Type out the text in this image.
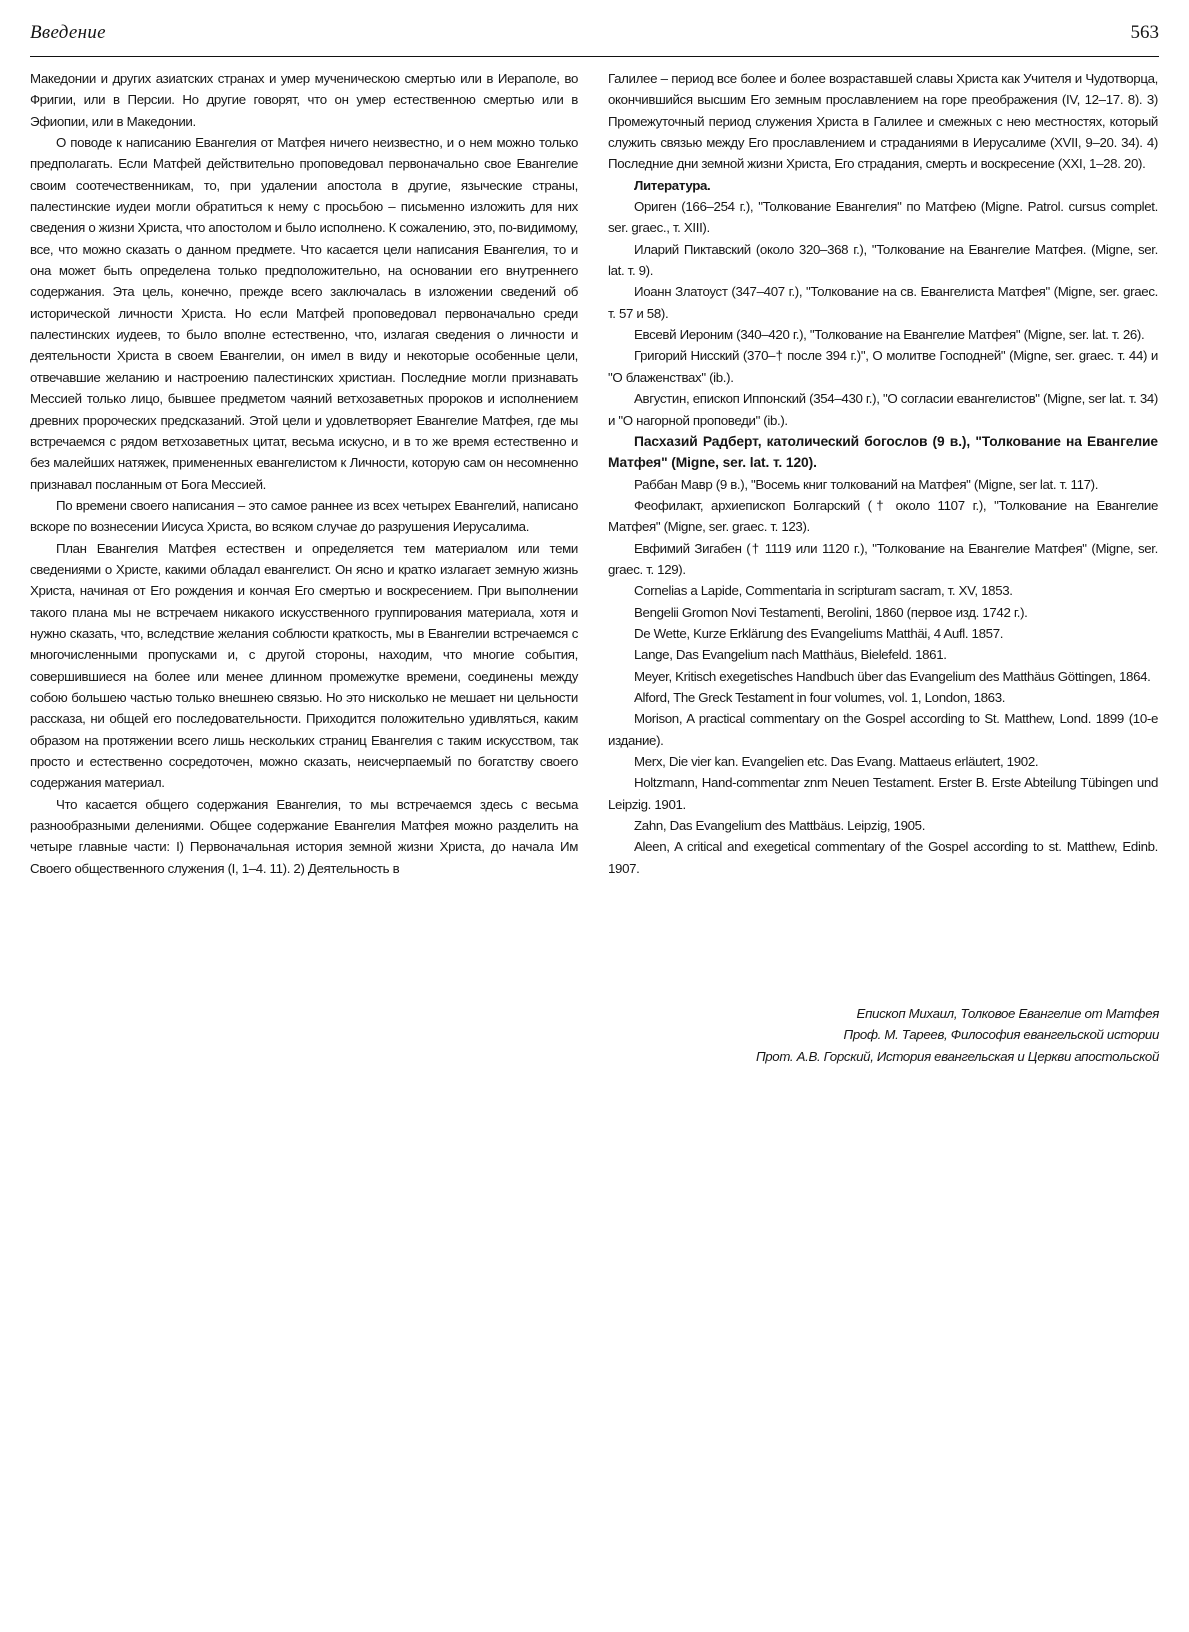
Введение	563

Македонии и других азиатских странах и умер мученическою смертью или в Иераполе, во Фригии, или в Персии. Но другие говорят, что он умер естественною смертью или в Эфиопии, или в Македонии.

О поводе к написанию Евангелия от Матфея ничего неизвестно, и о нем можно только предполагать. Если Матфей действительно проповедовал первоначально свое Евангелие своим соотечественникам, то, при удалении апостола в другие, языческие страны, палестинские иудеи могли обратиться к нему с просьбою – письменно изложить для них сведения о жизни Христа, что апостолом и было исполнено. К сожалению, это, по-видимому, все, что можно сказать о данном предмете. Что касается цели написания Евангелия, то и она может быть определена только предположительно, на основании его внутреннего содержания. Эта цель, конечно, прежде всего заключалась в изложении сведений об исторической личности Христа. Но если Матфей проповедовал первоначально среди палестинских иудеев, то было вполне естественно, что, излагая сведения о личности и деятельности Христа в своем Евангелии, он имел в виду и некоторые особенные цели, отвечавшие желанию и настроению палестинских христиан. Последние могли признавать Мессией только лицо, бывшее предметом чаяний ветхозаветных пророков и исполнением древних пророческих предсказаний. Этой цели и удовлетворяет Евангелие Матфея, где мы встречаемся с рядом ветхозаветных цитат, весьма искусно, и в то же время естественно и без малейших натяжек, примененных евангелистом к Личности, которую сам он несомненно признавал посланным от Бога Мессией.

По времени своего написания – это самое раннее из всех четырех Евангелий, написано вскоре по вознесении Иисуса Христа, во всяком случае до разрушения Иерусалима.

План Евангелия Матфея естествен и определяется тем материалом или теми сведениями о Христе, какими обладал евангелист. Он ясно и кратко излагает земную жизнь Христа, начиная от Его рождения и кончая Его смертью и воскресением. При выполнении такого плана мы не встречаем никакого искусственного группирования материала, хотя и нужно сказать, что, вследствие желания соблюсти краткость, мы в Евангелии встречаемся с многочисленными пропусками и, с другой стороны, находим, что многие события, совершившиеся на более или менее длинном промежутке времени, соединены между собою большею частью только внешнею связью. Но это нисколько не мешает ни цельности рассказа, ни общей его последовательности. Приходится положительно удивляться, каким образом на протяжении всего лишь нескольких страниц Евангелия с таким искусством, так просто и естественно сосредоточен, можно сказать, неисчерпаемый по богатству своего содержания материал.

Что касается общего содержания Евангелия, то мы встречаемся здесь с весьма разнообразными делениями. Общее содержание Евангелия Матфея можно разделить на четыре главные части: I) Первоначальная история земной жизни Христа, до начала Им Своего общественного служения (I, 1–4. 11). 2) Деятельность в

Галилее – период все более и более возраставшей славы Христа как Учителя и Чудотворца, окончившийся высшим Его земным прославлением на горе преображения (IV, 12–17. 8). 3) Промежуточный период служения Христа в Галилее и смежных с нею местностях, который служить связью между Его прославлением и страданиями в Иерусалиме (XVII, 9–20. 34). 4) Последние дни земной жизни Христа, Его страдания, смерть и воскресение (XXI, 1–28. 20).

Литература.

Ориген (166–254 г.), "Толкование Евангелия" по Матфею (Migne. Patrol. cursus complet. ser. graec., т. XIII).

Иларий Пиктавский (около 320–368 г.), "Толкование на Евангелие Матфея. (Migne, ser. lat. т. 9).

Иоанн Златоуст (347–407 г.), "Толкование на св. Евангелиста Матфея" (Migne, ser. graec. т. 57 и 58).

Евсевй Иероним (340–420 г.), "Толкование на Евангелие Матфея" (Migne, ser. lat. т. 26).

Григорий Нисский (370–† после 394 г.)", О молитве Господней" (Migne, ser. graec. т. 44) и "О блаженствах" (ib.).

Августин, епископ Иппонский (354–430 г.), "О согласии евангелистов" (Migne, ser lat. т. 34) и "О нагорной проповеди" (ib.).

Пасхазий Радберт, католический богослов (9 в.), "Толкование на Евангелие Матфея" (Migne, ser. lat. т. 120).

Раббан Мавр (9 в.), "Восемь книг толкований на Матфея" (Migne, ser lat. т. 117).

Феофилакт, архиепископ Болгарский († около 1107 г.), "Толкование на Евангелие Матфея" (Migne, ser. graec. т. 123).

Евфимий Зигабен († 1119 или 1120 г.), "Толкование на Евангелие Матфея" (Migne, ser. graec. т. 129).

Cornelias a Lapide, Commentaria in scripturam sacram, т. XV, 1853.

Bengelii Gromon Novi Testamenti, Berolini, 1860 (первое изд. 1742 г.).

De Wette, Kurze Erklärung des Evangeliums Matthäi, 4 Aufl. 1857.

Lange, Das Evangelium nach Matthäus, Bielefeld. 1861.

Meyer, Kritisch exegetisches Handbuch über das Evangelium des Matthäus Göttingen, 1864.

Alford, The Greck Testament in four volumes, vol. 1, London, 1863.

Morison, A practical commentary on the Gospel according to St. Matthew, Lond. 1899 (10-е издание).

Merx, Die vier kan. Evangelien etc. Das Evang. Mattaeus erläutert, 1902.

Holtzmann, Hand-commentar znm Neuen Testament. Erster B. Erste Abteilung Tübingen und Leipzig. 1901.

Zahn, Das Evangelium des Mattbäus. Leipzig, 1905.

Aleen, A critical and exegetical commentary of the Gospel according to st. Matthew, Edinb. 1907.

Епископ Михаил, Толковое Евангелие от Матфея
Проф. М. Тареев, Философия евангельской истории
Прот. А.В. Горский, История евангельская и Церкви апостольской
